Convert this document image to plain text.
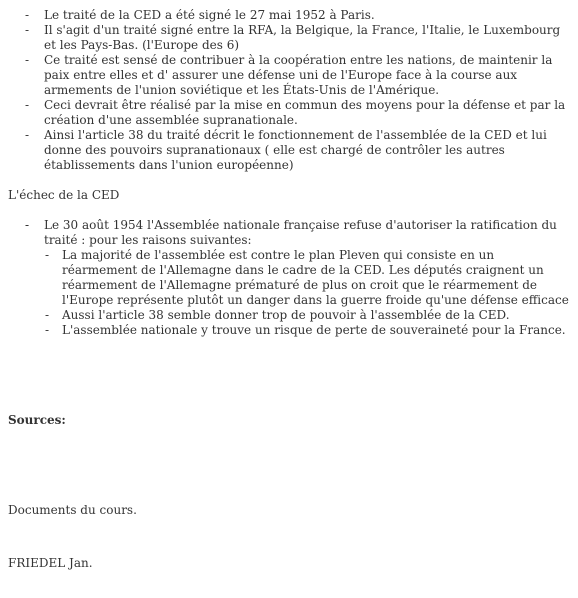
- Le traité de la CED a été signé le 27 mai 1952 à Paris.
- Il s'agit d'un traité signé entre la RFA, la Belgique, la France, l'Italie, le Luxembourg et les Pays-Bas. (l'Europe des 6)
- Ce traité est sensé de contribuer à la coopération entre les nations, de maintenir la paix entre elles et d' assurer une défense uni de l'Europe face à la course aux armements de l'union soviétique et les États-Unis de l'Amérique.
- Ceci devrait être réalisé par la mise en commun des moyens pour la défense et par la création d'une assemblée supranationale.
- Ainsi l'article 38 du traité décrit le fonctionnement de l'assemblée de la CED et lui donne des pouvoirs supranationaux ( elle est chargé de contrôler les autres établissements dans l'union européenne)

L'échec de la CED

- - Le 30 août 1954 l'Assemblée nationale française refuse d'autoriser la ratification du traité : pour les raisons suivantes:
- La majorité de l'assemblée est contre le plan Pleven qui consiste en un réarmement de l'Allemagne dans le cadre de la CED. Les députés craignent un réarmement de l'Allemagne prématuré de plus on croit que le réarmement de l'Europe représente plutôt un danger dans la guerre froide qu'une défense efficace
- Aussi l'article 38 semble donner trop de pouvoir à l'assemblée de la CED.
- L'assemblée nationale y trouve un risque de perte de souveraineté pour la France.

Sources:

Documents du cours.

FRIEDEL Jan.
